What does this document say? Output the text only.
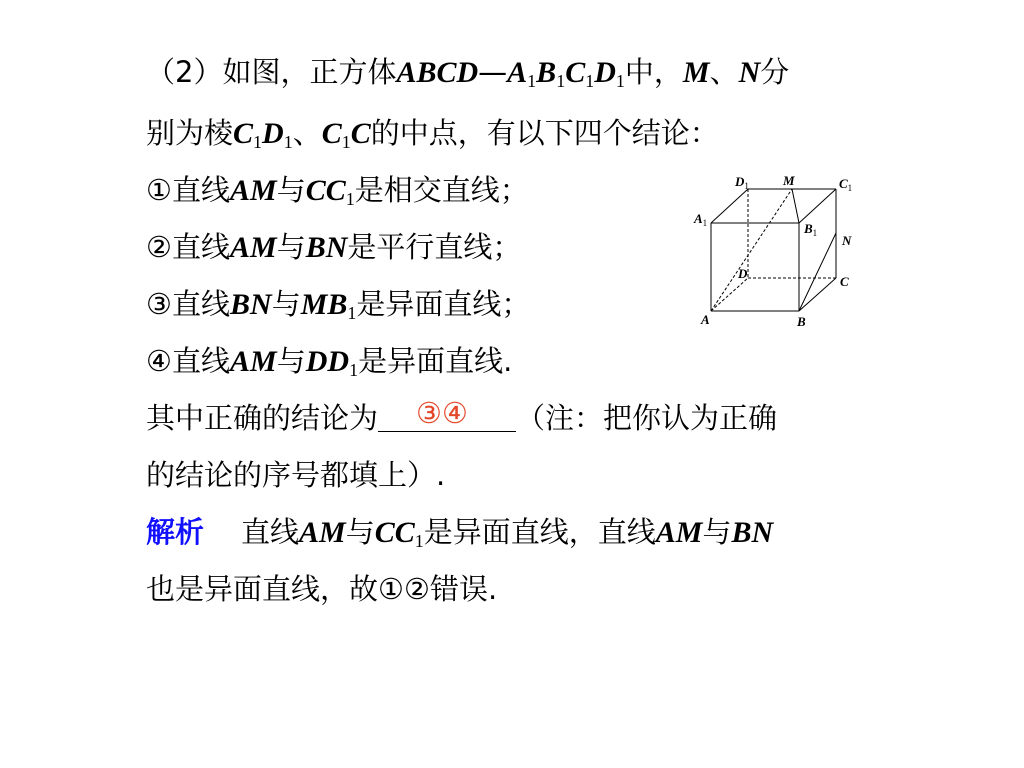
（2）如图，正方体$ABCD—A_1B_1C_1D_1$中，M、N分
别为棱$C_1D_1$、$C_1C$的中点，有以下四个结论：
①直线AM与$CC_1$是相交直线；
②直线AM与BN是平行直线；
③直线BN与$MB_1$是异面直线；
④直线AM与$DD_1$是异面直线.
其中正确的结论为 ③④ （注：把你认为正确
的结论的序号都填上）.
解析 直线AM与$CC_1$是异面直线，直线AM与BN
也是异面直线，故①②错误.
$D_1$	M	$C_1$
$A_1$	$B_1$ N
D
C
A	B
